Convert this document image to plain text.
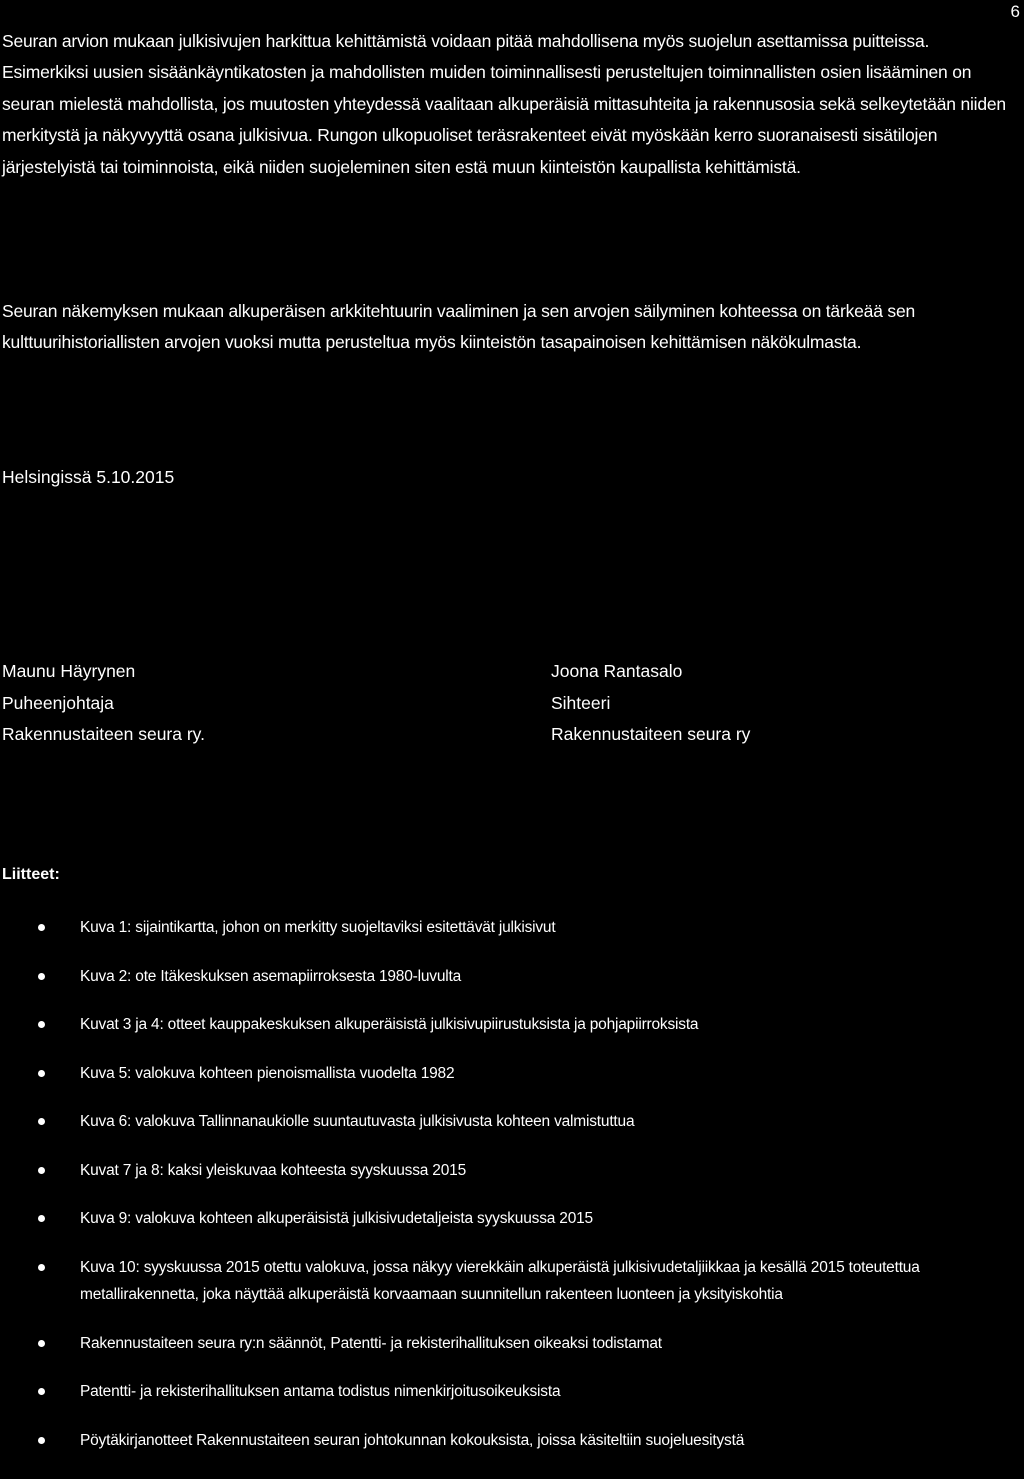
6

Seuran arvion mukaan julkisivujen harkittua kehittämistä voidaan pitää mahdollisena myös suojelun asettamissa puitteissa. Esimerkiksi uusien sisäänkäyntikatosten ja mahdollisten muiden toiminnallisesti perusteltujen toiminnallisten osien lisääminen on seuran mielestä mahdollista, jos muutosten yhteydessä vaalitaan alkuperäisiä mittasuhteita ja rakennusosia sekä selkeytetään niiden merkitystä ja näkyvyyttä osana julkisivua. Rungon ulkopuoliset teräsrakenteet eivät myöskään kerro suoranaisesti sisätilojen järjestelyistä tai toiminnoista, eikä niiden suojeleminen siten estä muun kiinteistön kaupallista kehittämistä.

Seuran näkemyksen mukaan alkuperäisen arkkitehtuurin vaaliminen ja sen arvojen säilyminen kohteessa on tärkeää sen kulttuurihistoriallisten arvojen vuoksi mutta perusteltua myös kiinteistön tasapainoisen kehittämisen näkökulmasta.

Helsingissä 5.10.2015
Maunu Häyrynen
Puheenjohtaja
Rakennustaiteen seura ry.
Joona Rantasalo
Sihteeri
Rakennustaiteen seura ry
Liitteet:
Kuva 1: sijaintikartta, johon on merkitty suojeltaviksi esitettävät julkisivut
Kuva 2: ote Itäkeskuksen asemapiirroksesta 1980-luvulta
Kuvat 3 ja 4: otteet kauppakeskuksen alkuperäisistä julkisivupiirustuksista ja pohjapiirroksista
Kuva 5: valokuva kohteen pienoismallista vuodelta 1982
Kuva 6: valokuva Tallinnanaukiolle suuntautuvasta julkisivusta kohteen valmistuttua
Kuvat 7 ja 8: kaksi yleiskuvaa kohteesta syyskuussa 2015
Kuva 9: valokuva kohteen alkuperäisistä julkisivudetaljeista syyskuussa 2015
Kuva 10: syyskuussa 2015 otettu valokuva, jossa näkyy vierekkäin alkuperäistä julkisivudetaljiikkaa ja kesällä 2015 toteutettua metallirakennetta, joka näyttää alkuperäistä korvaamaan suunnitellun rakenteen luonteen ja yksityiskohtia
Rakennustaiteen seura ry:n säännöt, Patentti- ja rekisterihallituksen oikeaksi todistamat
Patentti- ja rekisterihallituksen antama todistus nimenkirjoitusoikeuksista
Pöytäkirjanotteet Rakennustaiteen seuran johtokunnan kokouksista, joissa käsiteltiin suojeluesitystä
